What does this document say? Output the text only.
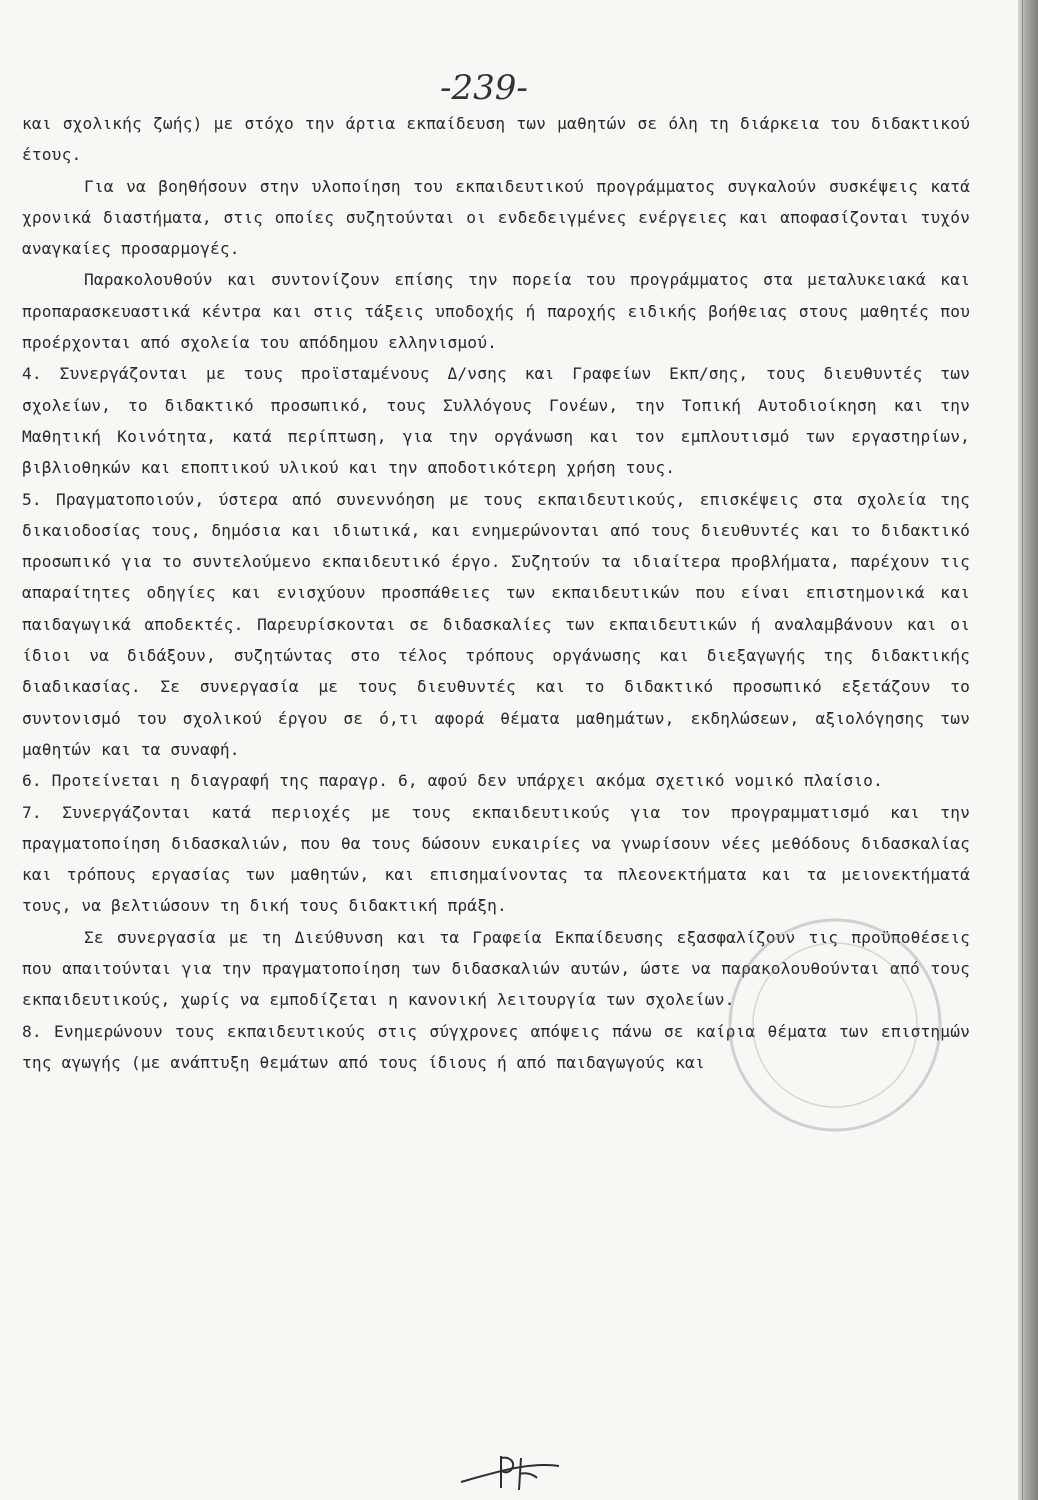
-239-

και σχολικής ζωής) με στόχο την άρτια εκπαίδευση των μαθητών σε όλη τη διάρκεια του διδακτικού έτους.

Για να βοηθήσουν στην υλοποίηση του εκπαιδευτικού προγράμματος συγκαλούν συσκέψεις κατά χρονικά διαστήματα, στις οποίες συζητούνται οι ενδεδειγμένες ενέργειες και αποφασίζονται τυχόν αναγκαίες προσαρμογές.

Παρακολουθούν και συντονίζουν επίσης την πορεία του προγράμματος στα μεταλυκειακά και προπαρασκευαστικά κέντρα και στις τάξεις υποδοχής ή παροχής ειδικής βοήθειας στους μαθητές που προέρχονται από σχολεία του απόδημου ελληνισμού.

4. Συνεργάζονται με τους προϊσταμένους Δ/νσης και Γραφείων Εκπ/σης, τους διευθυντές των σχολείων, το διδακτικό προσωπικό, τους Συλλόγους Γονέων, την Τοπική Αυτοδιοίκηση και την Μαθητική Κοινότητα, κατά περίπτωση, για την οργάνωση και τον εμπλουτισμό των εργαστηρίων, βιβλιοθηκών και εποπτικού υλικού και την αποδοτικότερη χρήση τους.

5. Πραγματοποιούν, ύστερα από συνεννόηση με τους εκπαιδευτικούς, επισκέψεις στα σχολεία της δικαιοδοσίας τους, δημόσια και ιδιωτικά, και ενημερώνονται από τους διευθυντές και το διδακτικό προσωπικό για το συντελούμενο εκπαιδευτικό έργο. Συζητούν τα ιδιαίτερα προβλήματα, παρέχουν τις απαραίτητες οδηγίες και ενισχύουν προσπάθειες των εκπαιδευτικών που είναι επιστημονικά και παιδαγωγικά αποδεκτές. Παρευρίσκονται σε διδασκαλίες των εκπαιδευτικών ή αναλαμβάνουν και οι ίδιοι να διδάξουν, συζητώντας στο τέλος τρόπους οργάνωσης και διεξαγωγής της διδακτικής διαδικασίας. Σε συνεργασία με τους διευθυντές και το διδακτικό προσωπικό εξετάζουν το συντονισμό του σχολικού έργου σε ό,τι αφορά θέματα μαθημάτων, εκδηλώσεων, αξιολόγησης των μαθητών και τα συναφή.

6. Προτείνεται η διαγραφή της παραγρ. 6, αφού δεν υπάρχει ακόμα σχετικό νομικό πλαίσιο.

7. Συνεργάζονται κατά περιοχές με τους εκπαιδευτικούς για τον προγραμματισμό και την πραγματοποίηση διδασκαλιών, που θα τους δώσουν ευκαιρίες να γνωρίσουν νέες μεθόδους διδασκαλίας και τρόπους εργασίας των μαθητών, και επισημαίνοντας τα πλεονεκτήματα και τα μειονεκτήματά τους, να βελτιώσουν τη δική τους διδακτική πράξη.

Σε συνεργασία με τη Διεύθυνση και τα Γραφεία Εκπαίδευσης εξασφαλίζουν τις προϋποθέσεις που απαιτούνται για την πραγματοποίηση των διδασκαλιών αυτών, ώστε να παρακολουθούνται από τους εκπαιδευτικούς, χωρίς να εμποδίζεται η κανονική λειτουργία των σχολείων.

8. Ενημερώνουν τους εκπαιδευτικούς στις σύγχρονες απόψεις πάνω σε καίρια θέματα των επιστημών της αγωγής (με ανάπτυξη θεμάτων από τους ίδιους ή από παιδαγωγούς και
